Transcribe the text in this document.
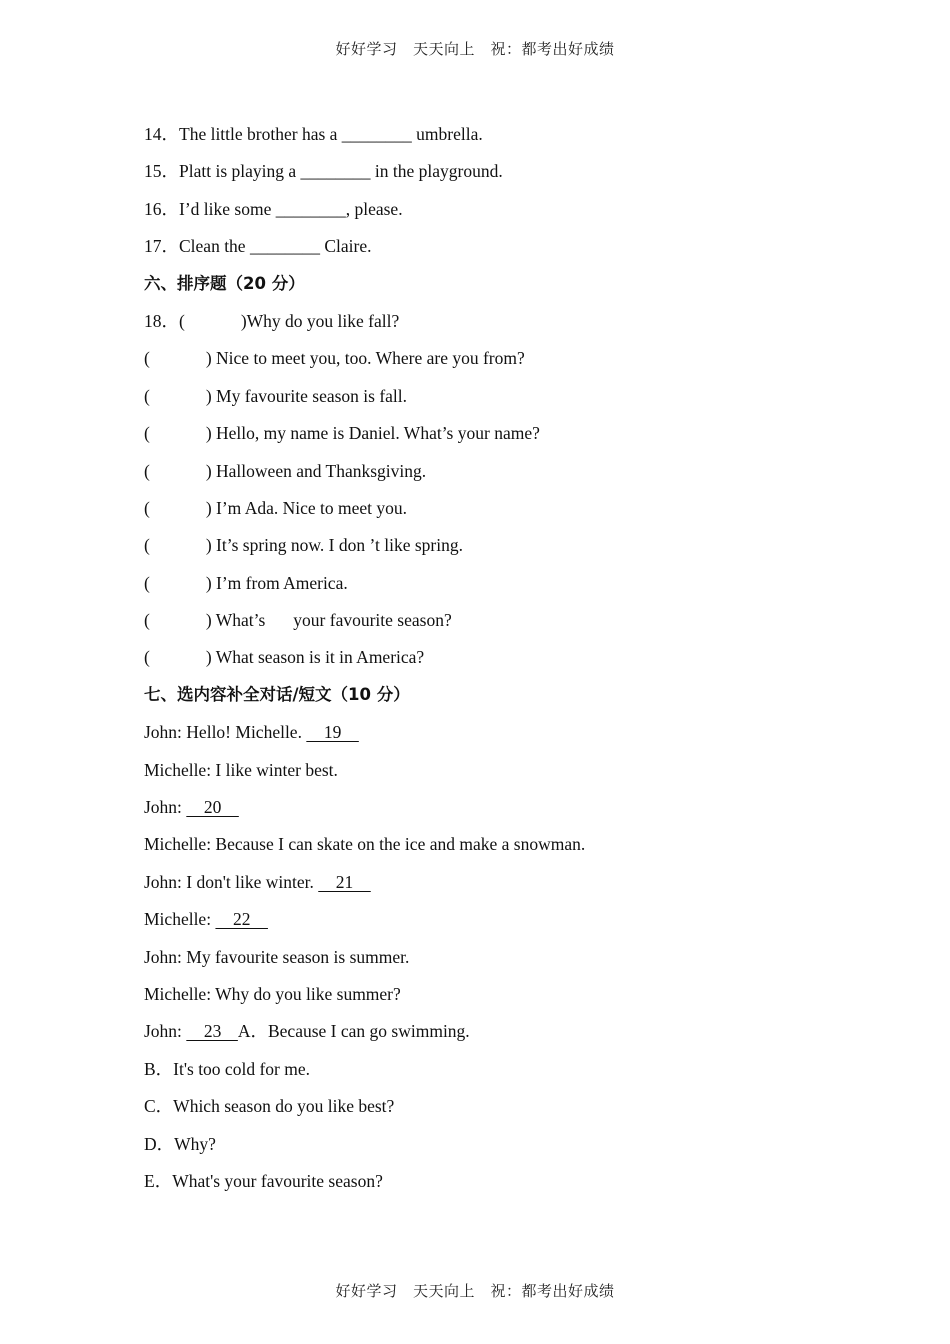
好好学习　天天向上　祝：都考出好成绩
14．The little brother has a ________ umbrella.
15．Platt is playing a ________ in the playground.
16．I’d like some ________, please.
17．Clean the ________ Claire.
六、排序题（20 分）
18．(	)Why do you like fall?
(	) Nice to meet you, too. Where are you from?
(	) My favourite season is fall.
(	) Hello, my name is Daniel. What’s your name?
(	) Halloween and Thanksgiving.
(	) I’m Ada. Nice to meet you.
(	) It’s spring now. I don ’t like spring.
(	) I’m from America.
(	) What’s your favourite season?
(	) What season is it in America?
七、选内容补全对话/短文（10 分）
John: Hello! Michelle.     19
Michelle: I like winter best.
John:     20
Michelle: Because I can skate on the ice and make a snowman.
John: I don't like winter.     21
Michelle:     22
John: My favourite season is summer.
Michelle: Why do you like summer?
John:     23    A．Because I can go swimming.
B．It's too cold for me.
C．Which season do you like best?
D．Why?
E．What's your favourite season?
好好学习　天天向上　祝：都考出好成绩
